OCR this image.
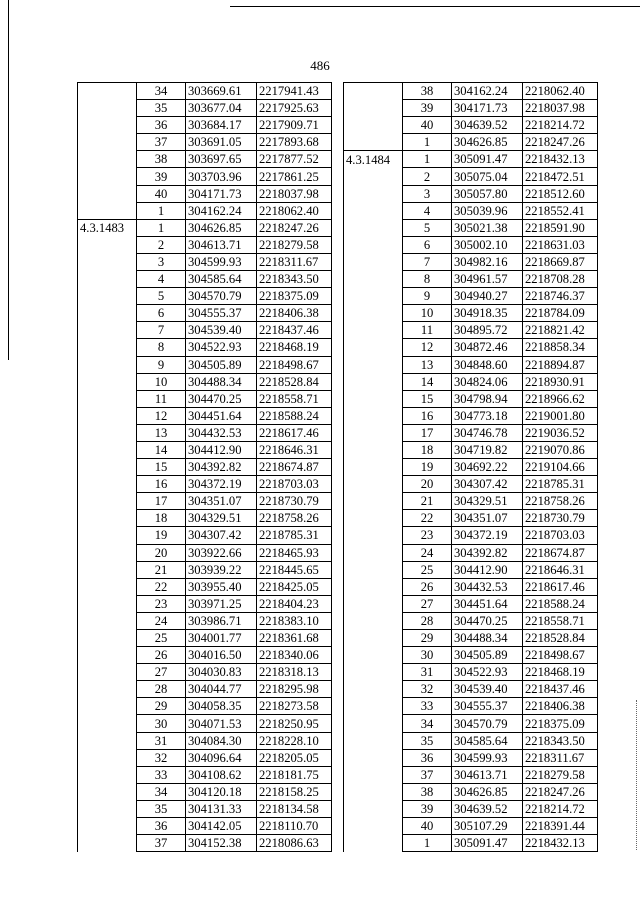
486
	34	303669.61	2217941.43
	35	303677.04	2217925.63
	36	303684.17	2217909.71
	37	303691.05	2217893.68
	38	303697.65	2217877.52
	39	303703.96	2217861.25
	40	304171.73	2218037.98
	1	304162.24	2218062.40
4.3.1483	1	304626.85	2218247.26
	2	304613.71	2218279.58
	3	304599.93	2218311.67
	4	304585.64	2218343.50
	5	304570.79	2218375.09
	6	304555.37	2218406.38
	7	304539.40	2218437.46
	8	304522.93	2218468.19
	9	304505.89	2218498.67
	10	304488.34	2218528.84
	11	304470.25	2218558.71
	12	304451.64	2218588.24
	13	304432.53	2218617.46
	14	304412.90	2218646.31
	15	304392.82	2218674.87
	16	304372.19	2218703.03
	17	304351.07	2218730.79
	18	304329.51	2218758.26
	19	304307.42	2218785.31
	20	303922.66	2218465.93
	21	303939.22	2218445.65
	22	303955.40	2218425.05
	23	303971.25	2218404.23
	24	303986.71	2218383.10
	25	304001.77	2218361.68
	26	304016.50	2218340.06
	27	304030.83	2218318.13
	28	304044.77	2218295.98
	29	304058.35	2218273.58
	30	304071.53	2218250.95
	31	304084.30	2218228.10
	32	304096.64	2218205.05
	33	304108.62	2218181.75
	34	304120.18	2218158.25
	35	304131.33	2218134.58
	36	304142.05	2218110.70
	37	304152.38	2218086.63
	38	304162.24	2218062.40
	39	304171.73	2218037.98
	40	304639.52	2218214.72
	1	304626.85	2218247.26
4.3.1484	1	305091.47	2218432.13
	2	305075.04	2218472.51
	3	305057.80	2218512.60
	4	305039.96	2218552.41
	5	305021.38	2218591.90
	6	305002.10	2218631.03
	7	304982.16	2218669.87
	8	304961.57	2218708.28
	9	304940.27	2218746.37
	10	304918.35	2218784.09
	11	304895.72	2218821.42
	12	304872.46	2218858.34
	13	304848.60	2218894.87
	14	304824.06	2218930.91
	15	304798.94	2218966.62
	16	304773.18	2219001.80
	17	304746.78	2219036.52
	18	304719.82	2219070.86
	19	304692.22	2219104.66
	20	304307.42	2218785.31
	21	304329.51	2218758.26
	22	304351.07	2218730.79
	23	304372.19	2218703.03
	24	304392.82	2218674.87
	25	304412.90	2218646.31
	26	304432.53	2218617.46
	27	304451.64	2218588.24
	28	304470.25	2218558.71
	29	304488.34	2218528.84
	30	304505.89	2218498.67
	31	304522.93	2218468.19
	32	304539.40	2218437.46
	33	304555.37	2218406.38
	34	304570.79	2218375.09
	35	304585.64	2218343.50
	36	304599.93	2218311.67
	37	304613.71	2218279.58
	38	304626.85	2218247.26
	39	304639.52	2218214.72
	40	305107.29	2218391.44
	1	305091.47	2218432.13
